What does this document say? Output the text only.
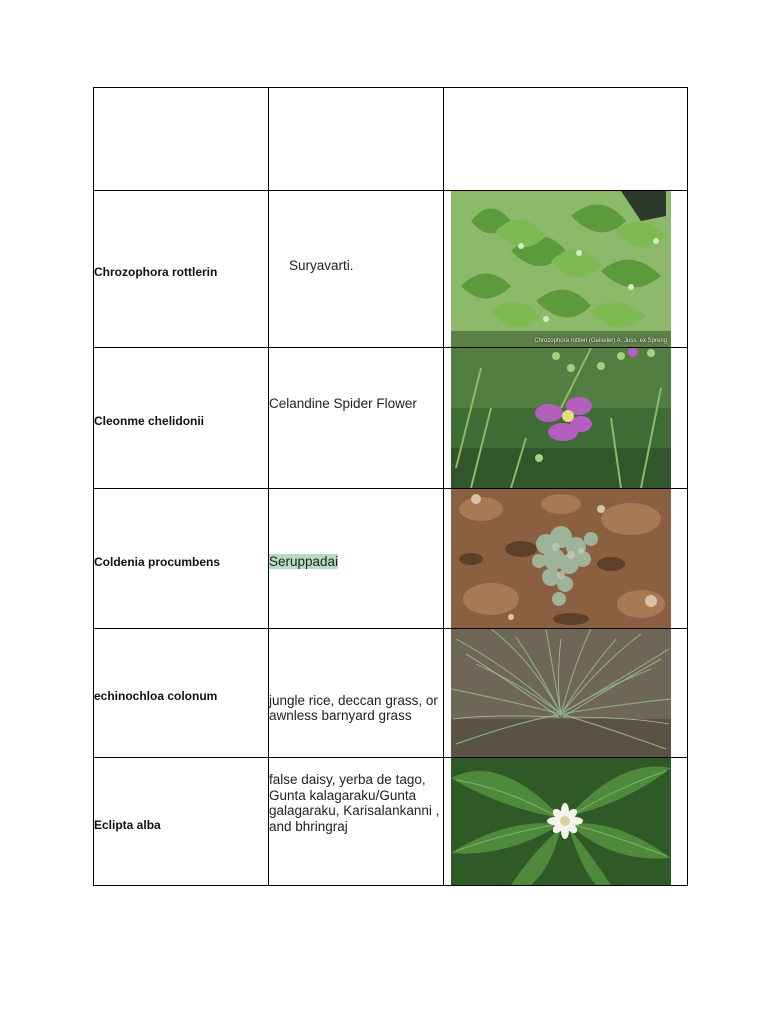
Chrozophora rottlerin	Suryavarti.	Chrozophora rottleri (Geiseler) A. Juss. ex Spreng

Cleonme chelidonii	Celandine Spider Flower	

Coldenia procumbens	Seruppadai	

echinochloa colonum	jungle rice, deccan grass, or awnless barnyard grass	

Eclipta alba	false daisy, yerba de tago, Gunta kalagaraku/Gunta galagaraku, Karisalankanni , and bhringraj	
